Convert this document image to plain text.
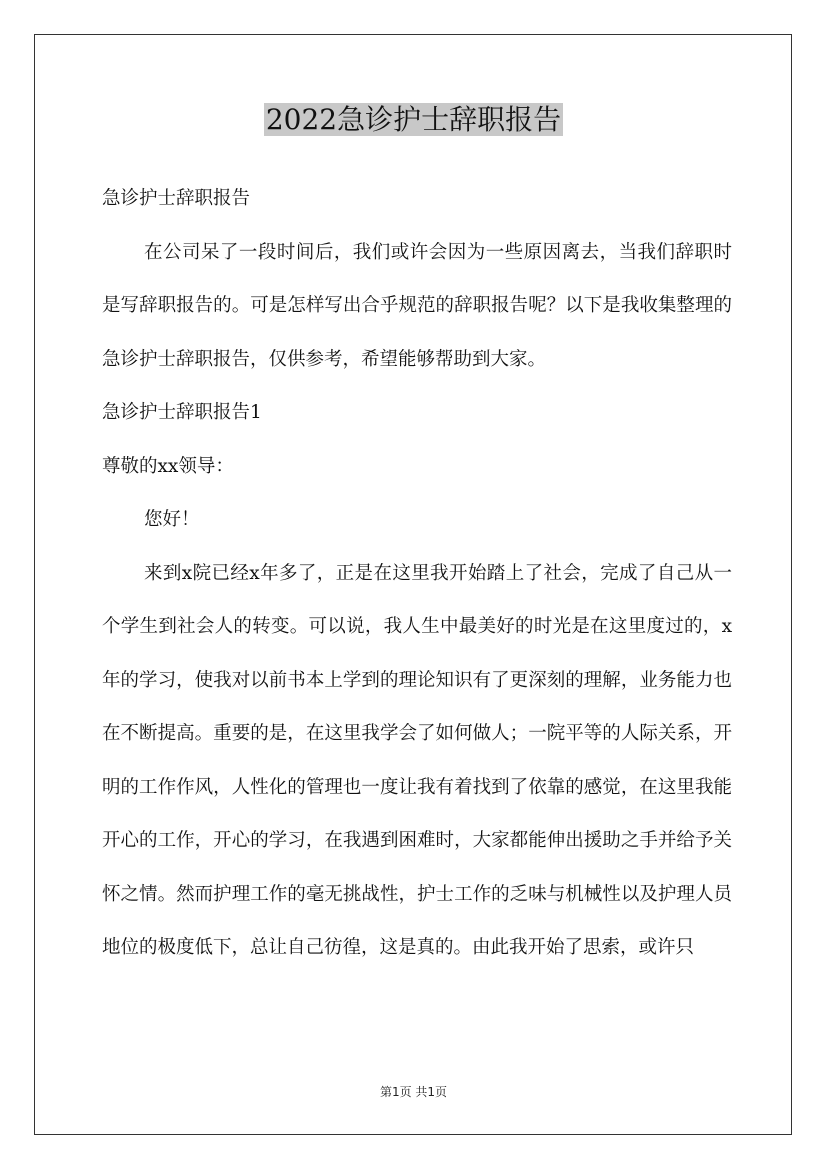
2022急诊护士辞职报告

急诊护士辞职报告

在公司呆了一段时间后，我们或许会因为一些原因离去，当我们辞职时是写辞职报告的。可是怎样写出合乎规范的辞职报告呢？以下是我收集整理的急诊护士辞职报告，仅供参考，希望能够帮助到大家。

急诊护士辞职报告1

尊敬的xx领导：

您好！

来到x院已经x年多了，正是在这里我开始踏上了社会，完成了自己从一个学生到社会人的转变。可以说，我人生中最美好的时光是在这里度过的，x年的学习，使我对以前书本上学到的理论知识有了更深刻的理解，业务能力也在不断提高。重要的是，在这里我学会了如何做人；一院平等的人际关系，开明的工作作风，人性化的管理也一度让我有着找到了依靠的感觉，在这里我能开心的工作，开心的学习，在我遇到困难时，大家都能伸出援助之手并给予关怀之情。然而护理工作的毫无挑战性，护士工作的乏味与机械性以及护理人员地位的极度低下，总让自己彷徨，这是真的。由此我开始了思索，或许只

第1页 共1页
